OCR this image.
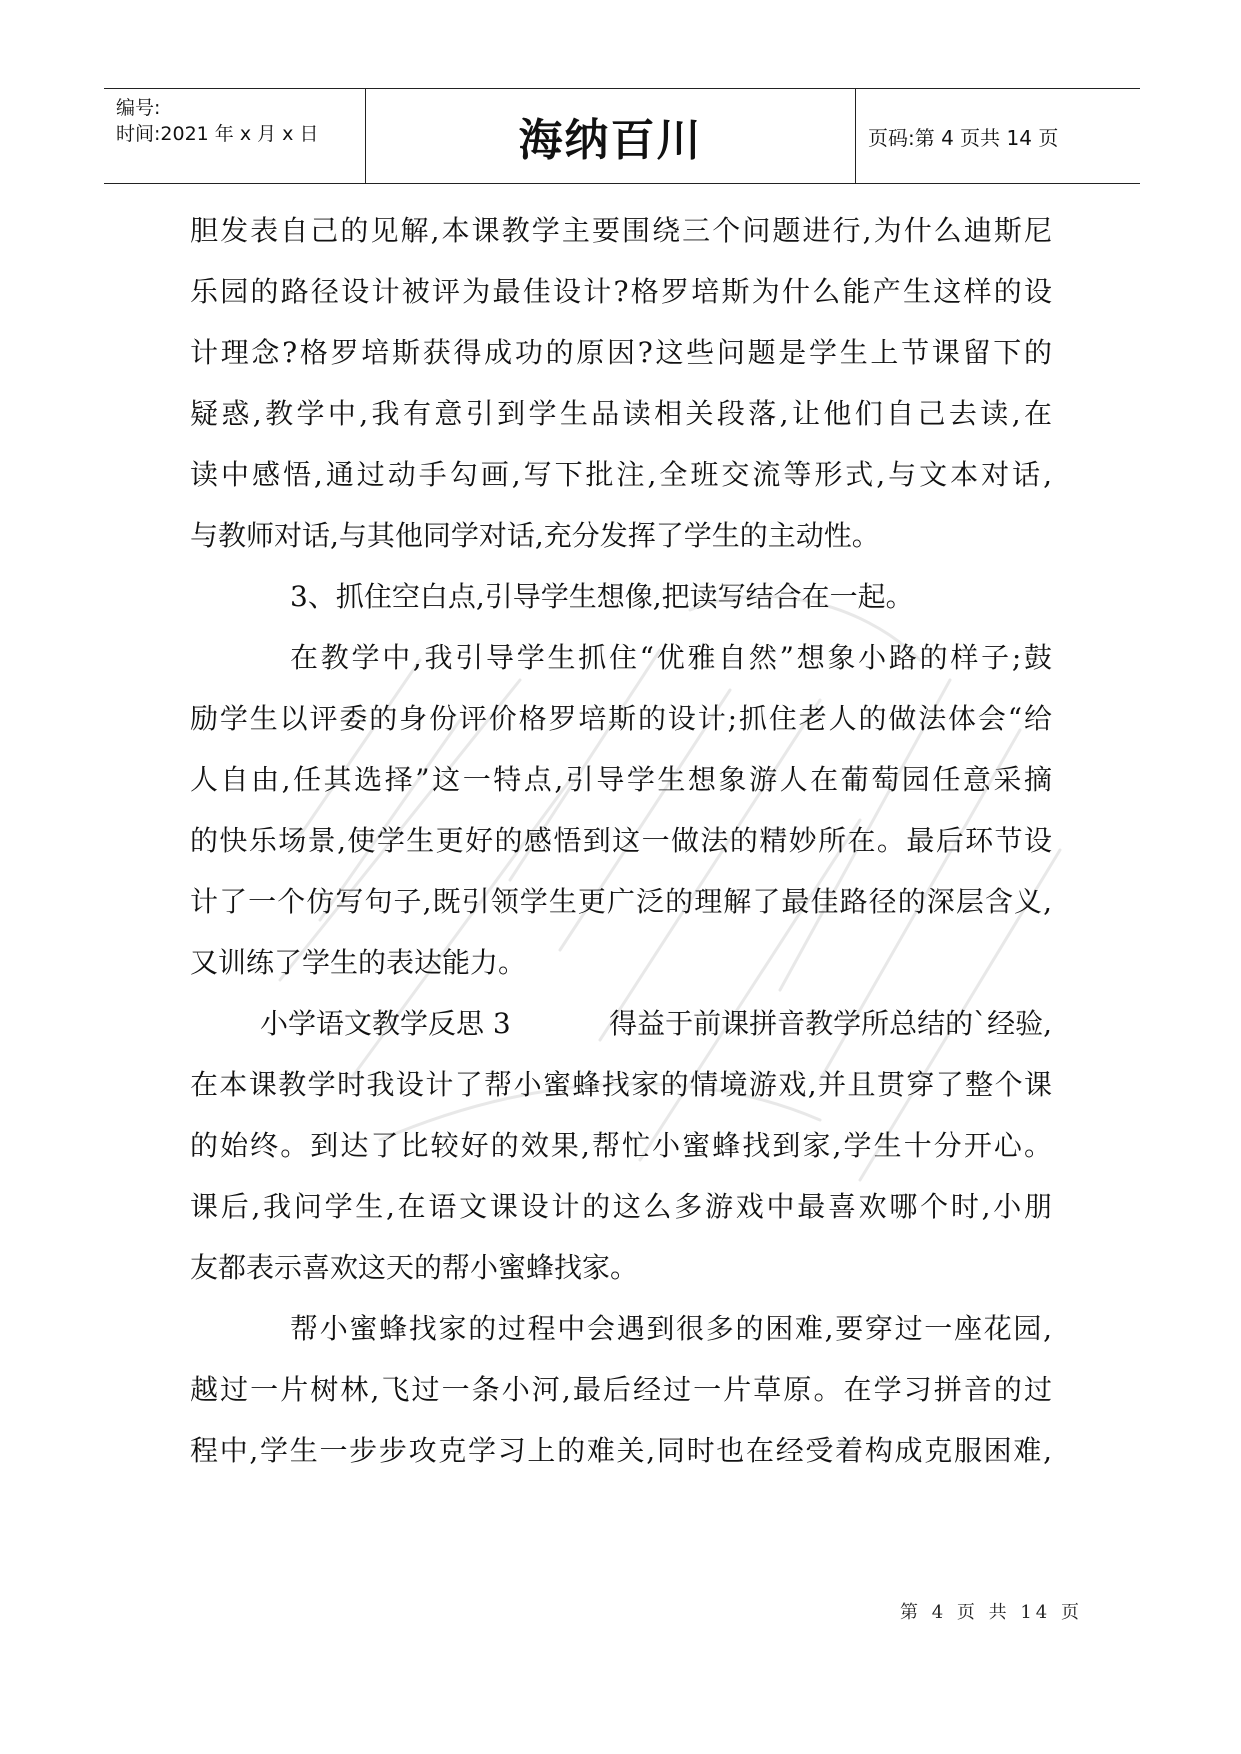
编号:
时间:2021 年 x 月 x 日	海纳百川	页码:第 4 页共 14 页
胆发表自己的见解,本课教学主要围绕三个问题进行,为什么迪斯尼
乐园的路径设计被评为最佳设计?格罗培斯为什么能产生这样的设
计理念?格罗培斯获得成功的原因?这些问题是学生上节课留下的
疑惑,教学中,我有意引到学生品读相关段落,让他们自己去读,在
读中感悟,通过动手勾画,写下批注,全班交流等形式,与文本对话,
与教师对话,与其他同学对话,充分发挥了学生的主动性。
3、抓住空白点,引导学生想像,把读写结合在一起。
在教学中,我引导学生抓住“优雅自然”想象小路的样子;鼓
励学生以评委的身份评价格罗培斯的设计;抓住老人的做法体会“给
人自由,任其选择”这一特点,引导学生想象游人在葡萄园任意采摘
的快乐场景,使学生更好的感悟到这一做法的精妙所在。最后环节设
计了一个仿写句子,既引领学生更广泛的理解了最佳路径的深层含义,
又训练了学生的表达能力。
小学语文教学反思 3	得益于前课拼音教学所总结的`经验,
在本课教学时我设计了帮小蜜蜂找家的情境游戏,并且贯穿了整个课
的始终。到达了比较好的效果,帮忙小蜜蜂找到家,学生十分开心。
课后,我问学生,在语文课设计的这么多游戏中最喜欢哪个时,小朋
友都表示喜欢这天的帮小蜜蜂找家。
帮小蜜蜂找家的过程中会遇到很多的困难,要穿过一座花园,
越过一片树林,飞过一条小河,最后经过一片草原。在学习拼音的过
程中,学生一步步攻克学习上的难关,同时也在经受着构成克服困难,
第 4 页 共 14 页
